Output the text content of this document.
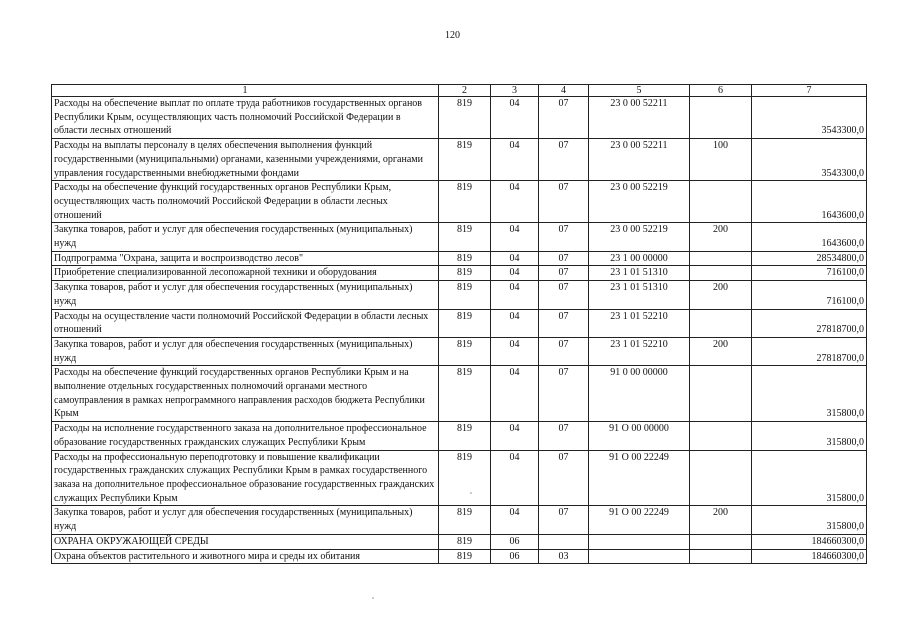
120
1	2	3	4	5	6	7
Расходы на обеспечение выплат по оплате труда работников государственных органов Республики Крым, осуществляющих часть полномочий Российской Федерации в области лесных отношений	819	04	07	23 0 00 52211		3543300,0
Расходы на выплаты персоналу в целях обеспечения выполнения функций государственными (муниципальными) органами, казенными учреждениями, органами управления государственными внебюджетными фондами	819	04	07	23 0 00 52211	100	3543300,0
Расходы на обеспечение функций государственных органов Республики Крым, осуществляющих часть полномочий Российской Федерации в области лесных отношений	819	04	07	23 0 00 52219		1643600,0
Закупка товаров, работ и услуг для обеспечения государственных (муниципальных) нужд	819	04	07	23 0 00 52219	200	1643600,0
Подпрограмма "Охрана, защита и воспроизводство лесов"	819	04	07	23 1 00 00000		28534800,0
Приобретение специализированной лесопожарной техники и оборудования	819	04	07	23 1 01 51310		716100,0
Закупка товаров, работ и услуг для обеспечения государственных (муниципальных) нужд	819	04	07	23 1 01 51310	200	716100,0
Расходы на осуществление части полномочий Российской Федерации в области лесных отношений	819	04	07	23 1 01 52210		27818700,0
Закупка товаров, работ и услуг для обеспечения государственных (муниципальных) нужд	819	04	07	23 1 01 52210	200	27818700,0
Расходы на обеспечение функций государственных органов Республики Крым и на выполнение отдельных государственных полномочий органами местного самоуправления в рамках непрограммного направления расходов бюджета Республики Крым	819	04	07	91 0 00 00000		315800,0
Расходы на исполнение государственного заказа на дополнительное профессиональное образование государственных гражданских служащих Республики Крым	819	04	07	91 О 00 00000		315800,0
Расходы на профессиональную переподготовку и повышение квалификации государственных гражданских служащих Республики Крым в рамках государственного заказа на дополнительное профессиональное образование государственных гражданских служащих Республики Крым	819	04	07	91 О 00 22249		315800,0
Закупка товаров, работ и услуг для обеспечения государственных (муниципальных) нужд	819	04	07	91 О 00 22249	200	315800,0
ОХРАНА ОКРУЖАЮЩЕЙ СРЕДЫ	819	06				184660300,0
Охрана объектов растительного и животного мира и среды их обитания	819	06	03			184660300,0
